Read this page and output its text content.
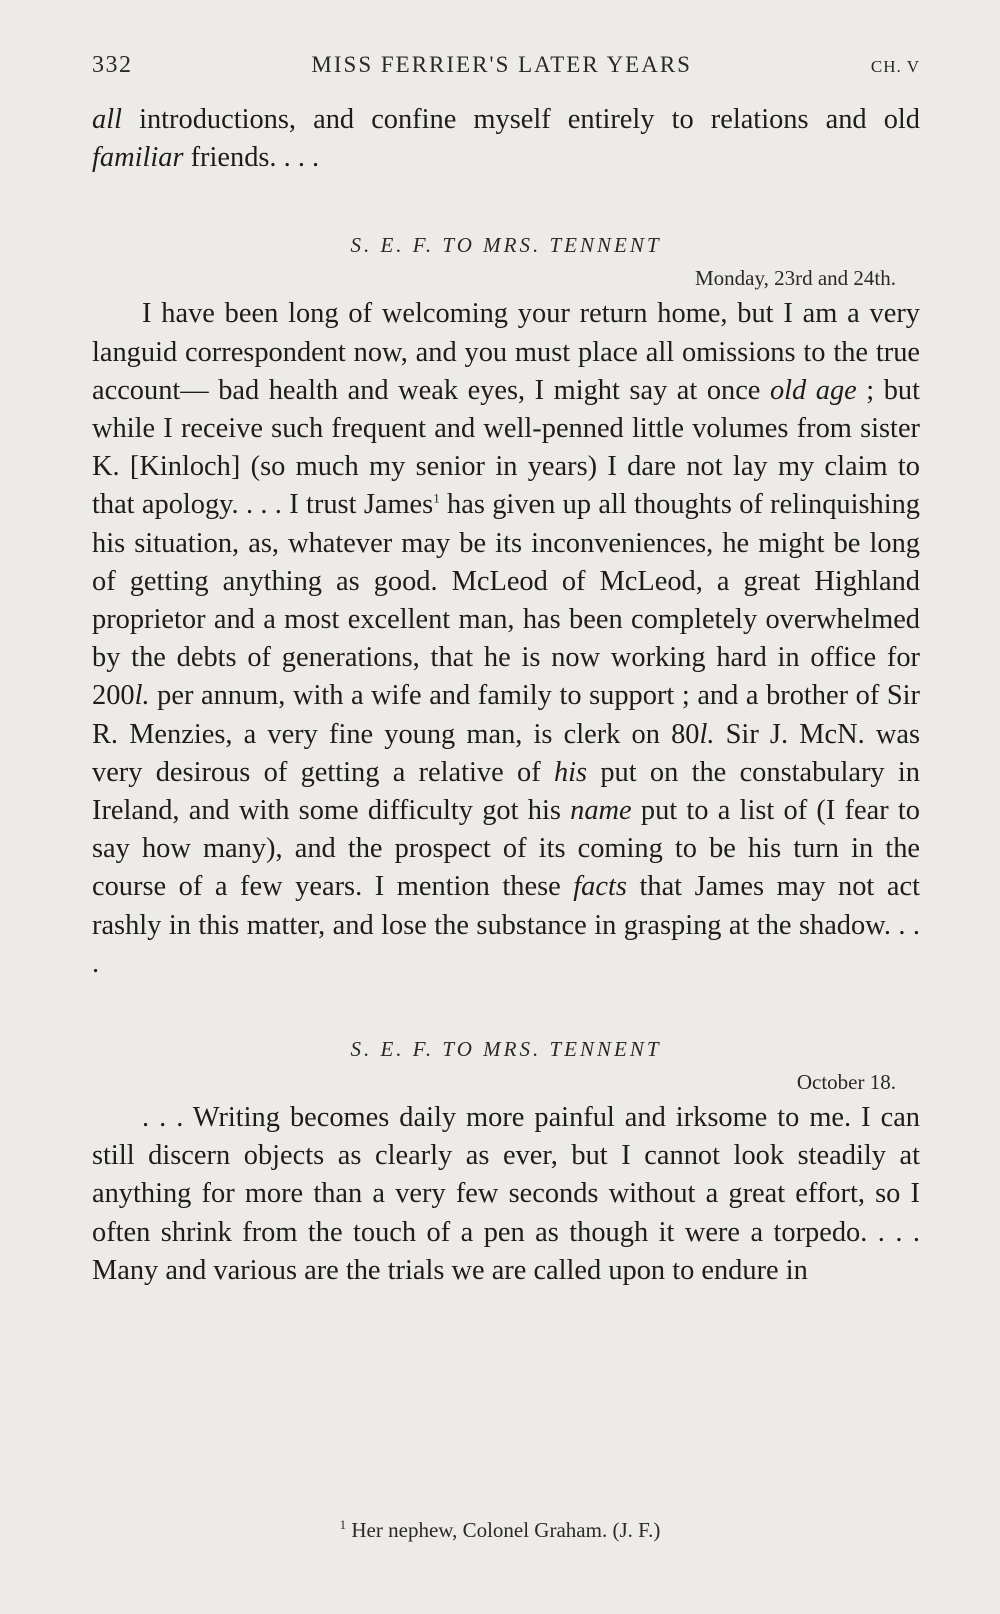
332	MISS FERRIER'S LATER YEARS	CH. V

all introductions, and confine myself entirely to relations and old familiar friends. . . .

S. E. F. TO MRS. TENNENT
Monday, 23rd and 24th.

I have been long of welcoming your return home, but I am a very languid correspondent now, and you must place all omissions to the true account— bad health and weak eyes, I might say at once old age ; but while I receive such frequent and well-penned little volumes from sister K. [Kinloch] (so much my senior in years) I dare not lay my claim to that apology. . . . I trust James$^1$ has given up all thoughts of relinquishing his situation, as, whatever may be its inconveniences, he might be long of getting anything as good. McLeod of McLeod, a great Highland proprietor and a most excellent man, has been completely overwhelmed by the debts of generations, that he is now working hard in office for 200l. per annum, with a wife and family to support ; and a brother of Sir R. Menzies, a very fine young man, is clerk on 80l. Sir J. McN. was very desirous of getting a relative of his put on the constabulary in Ireland, and with some difficulty got his name put to a list of (I fear to say how many), and the prospect of its coming to be his turn in the course of a few years. I mention these facts that James may not act rashly in this matter, and lose the substance in grasping at the shadow. . . .

S. E. F. TO MRS. TENNENT
October 18.

. . . Writing becomes daily more painful and irksome to me. I can still discern objects as clearly as ever, but I cannot look steadily at anything for more than a very few seconds without a great effort, so I often shrink from the touch of a pen as though it were a torpedo. . . . Many and various are the trials we are called upon to endure in

$^1$ Her nephew, Colonel Graham. (J. F.)
